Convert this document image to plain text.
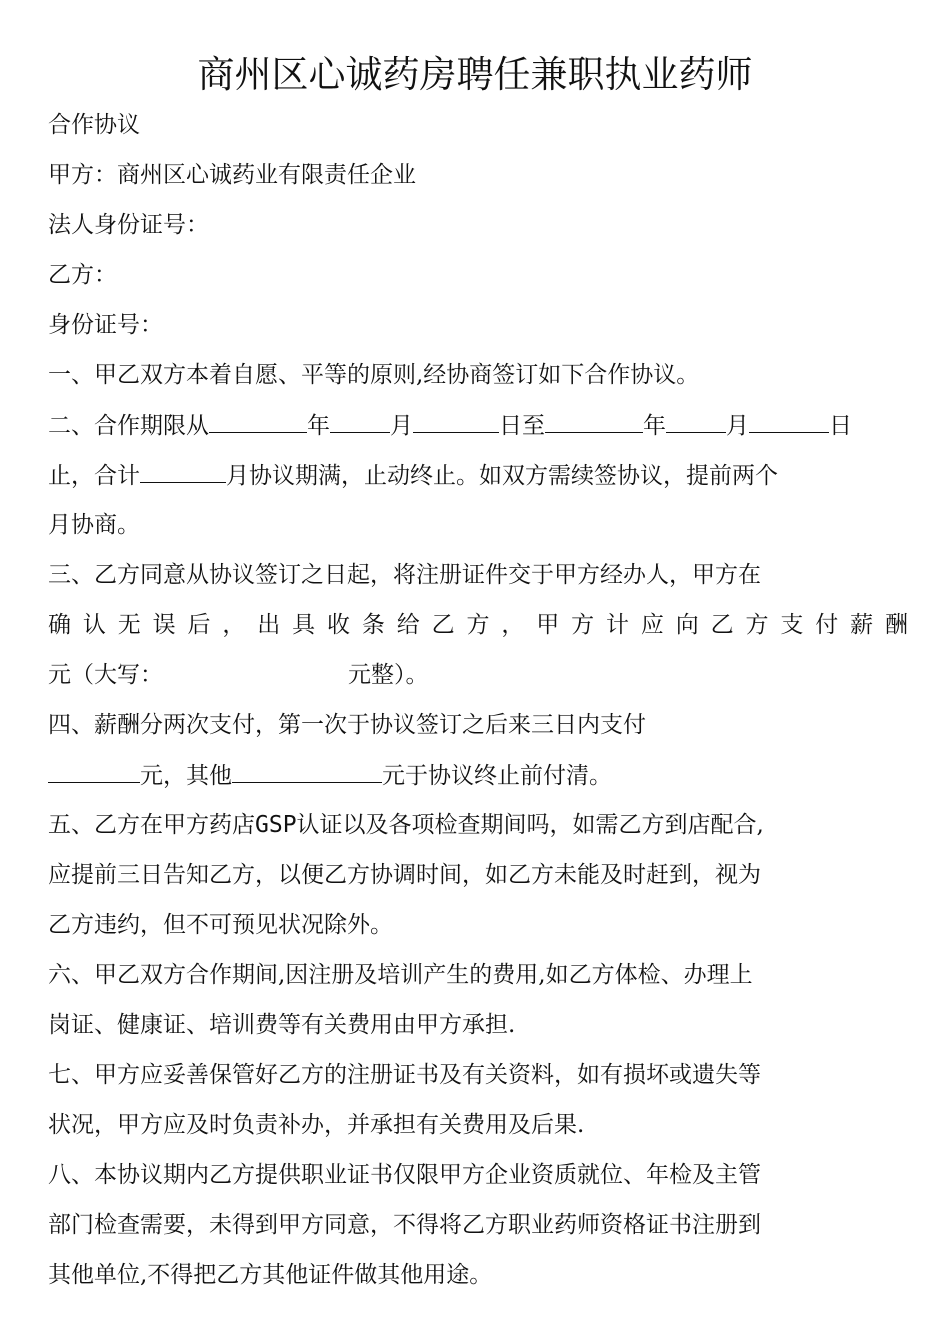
商州区心诚药房聘任兼职执业药师
合作协议
甲方：商州区心诚药业有限责任企业
法人身份证号：
乙方：
身份证号：
一、甲乙双方本着自愿、平等的原则,经协商签订如下合作协议。
二、合作期限从	年	月	日至	年	月	日
止，合计	月协议期满，止动终止。如双方需续签协议，提前两个
月协商。
三、乙方同意从协议签订之日起，将注册证件交于甲方经办人，甲方在
确认无误后，出具收条给乙方，甲方计应向乙方支付薪酬
元（大写：	元整）。
四、薪酬分两次支付，第一次于协议签订之后来三日内支付
元，其他	元于协议终止前付清。
五、乙方在甲方药店GSP认证以及各项检查期间吗，如需乙方到店配合,
应提前三日告知乙方，以便乙方协调时间，如乙方未能及时赶到，视为
乙方违约，但不可预见状况除外。
六、甲乙双方合作期间,因注册及培训产生的费用,如乙方体检、办理上
岗证、健康证、培训费等有关费用由甲方承担.
七、甲方应妥善保管好乙方的注册证书及有关资料，如有损坏或遗失等
状况，甲方应及时负责补办，并承担有关费用及后果.
八、本协议期内乙方提供职业证书仅限甲方企业资质就位、年检及主管
部门检查需要，未得到甲方同意，不得将乙方职业药师资格证书注册到
其他单位,不得把乙方其他证件做其他用途。
